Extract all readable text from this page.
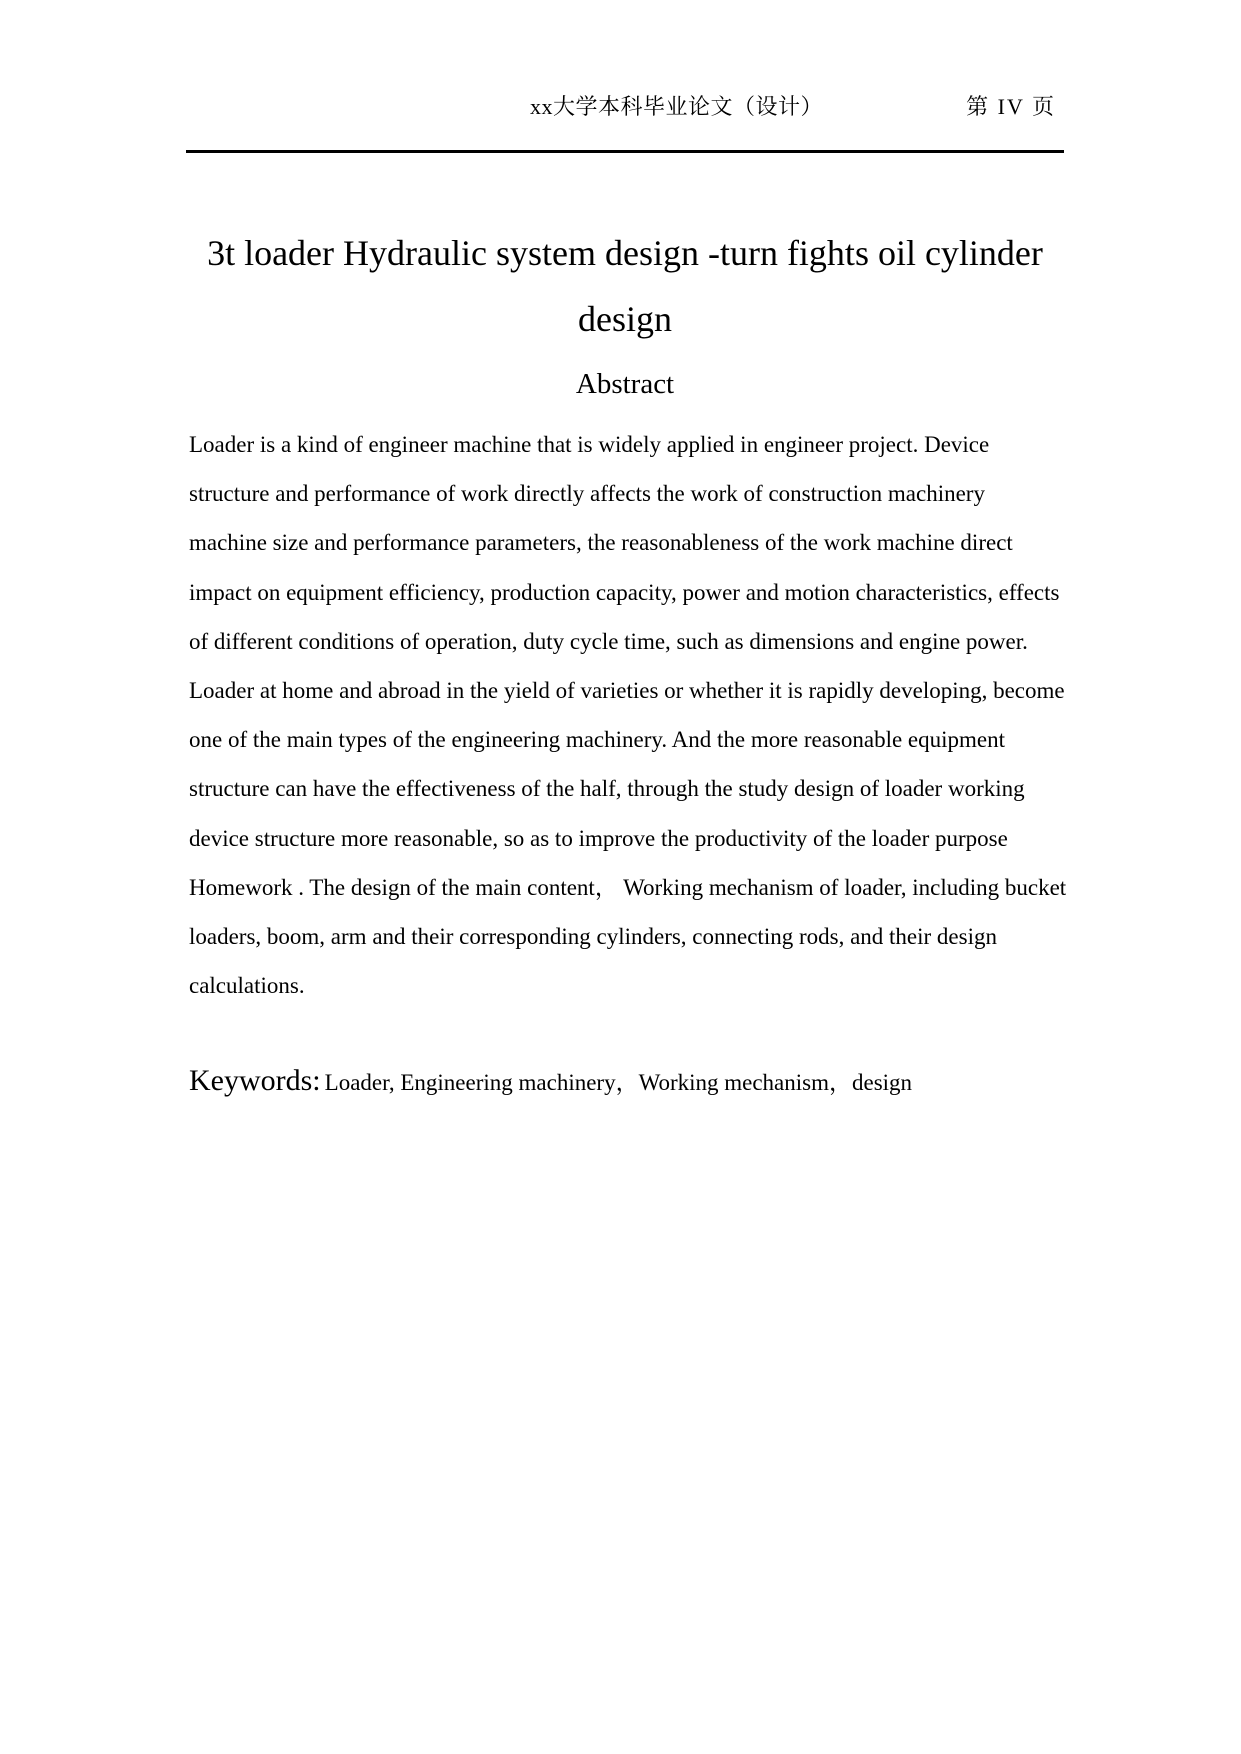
xx大学本科毕业论文（设计）	第 IV 页
3t loader Hydraulic system design -turn fights oil cylinder design
Abstract
Loader is a kind of engineer machine that is widely applied in engineer project. Device structure and performance of work directly affects the work of construction machinery machine size and performance parameters, the reasonableness of the work machine direct impact on equipment efficiency, production capacity, power and motion characteristics, effects of different conditions of operation, duty cycle time, such as dimensions and engine power. Loader at home and abroad in the yield of varieties or whether it is rapidly developing, become one of the main types of the engineering machinery. And the more reasonable equipment structure can have the effectiveness of the half, through the study design of loader working device structure more reasonable, so as to improve the productivity of the loader purpose Homework . The design of the main content， Working mechanism of loader, including bucket loaders, boom, arm and their corresponding cylinders, connecting rods, and their design calculations.
Keywords: Loader, Engineering machinery，Working mechanism，design
